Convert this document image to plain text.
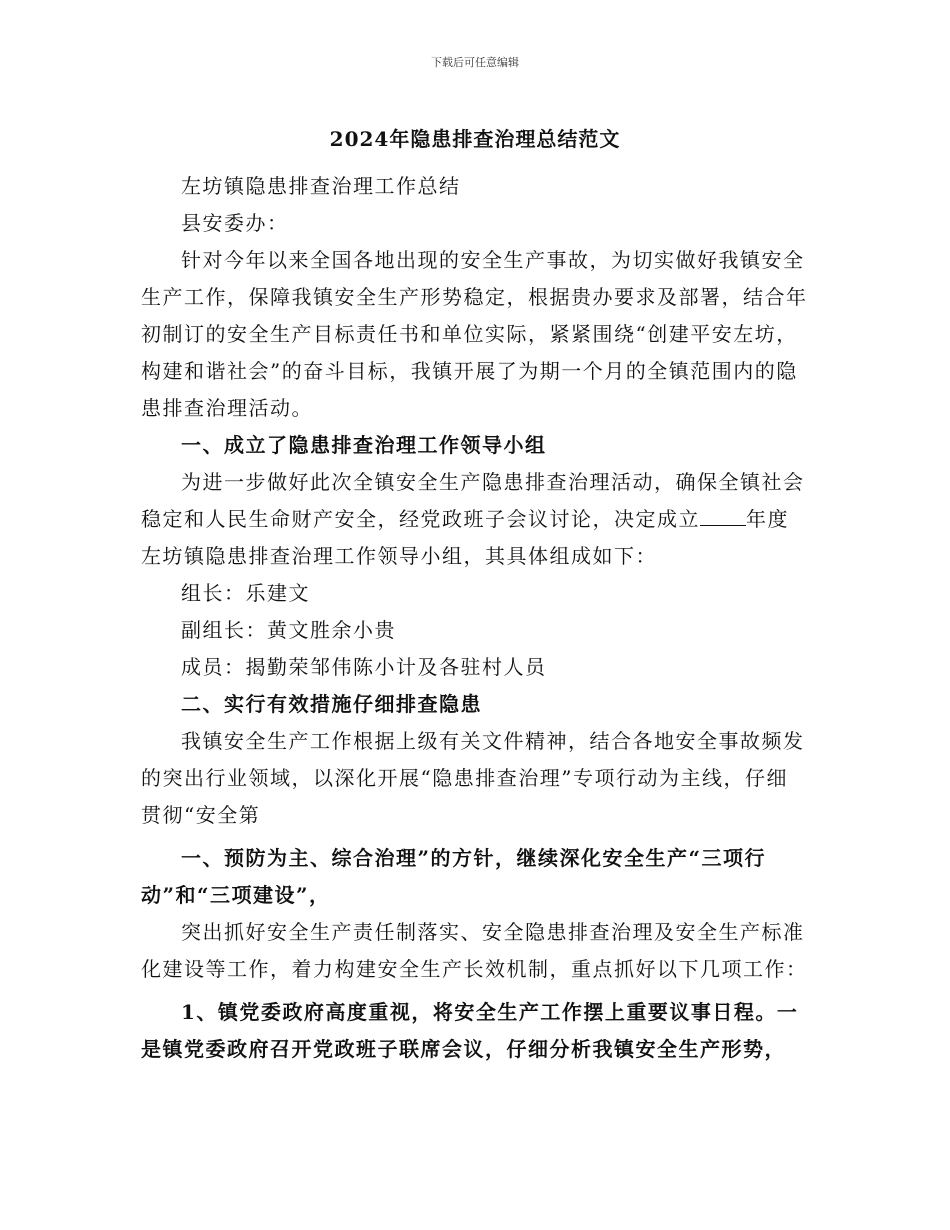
下载后可任意编辑
2024年隐患排查治理总结范文

左坊镇隐患排查治理工作总结

县安委办：

针对今年以来全国各地出现的安全生产事故，为切实做好我镇安全生产工作，保障我镇安全生产形势稳定，根据贵办要求及部署，结合年初制订的安全生产目标责任书和单位实际，紧紧围绕“创建平安左坊，构建和谐社会”的奋斗目标，我镇开展了为期一个月的全镇范围内的隐患排查治理活动。

一、成立了隐患排查治理工作领导小组

为进一步做好此次全镇安全生产隐患排查治理活动，确保全镇社会稳定和人民生命财产安全，经党政班子会议讨论，决定成立 年度左坊镇隐患排查治理工作领导小组，其具体组成如下：

组长：乐建文

副组长：黄文胜余小贵

成员：揭勤荣邹伟陈小计及各驻村人员

二、实行有效措施仔细排查隐患

我镇安全生产工作根据上级有关文件精神，结合各地安全事故频发的突出行业领域，以深化开展“隐患排查治理”专项行动为主线，仔细贯彻“安全第

一、预防为主、综合治理”的方针，继续深化安全生产“三项行动”和“三项建设”，

突出抓好安全生产责任制落实、安全隐患排查治理及安全生产标准化建设等工作，着力构建安全生产长效机制，重点抓好以下几项工作：

1、镇党委政府高度重视，将安全生产工作摆上重要议事日程。一是镇党委政府召开党政班子联席会议，仔细分析我镇安全生产形势，
